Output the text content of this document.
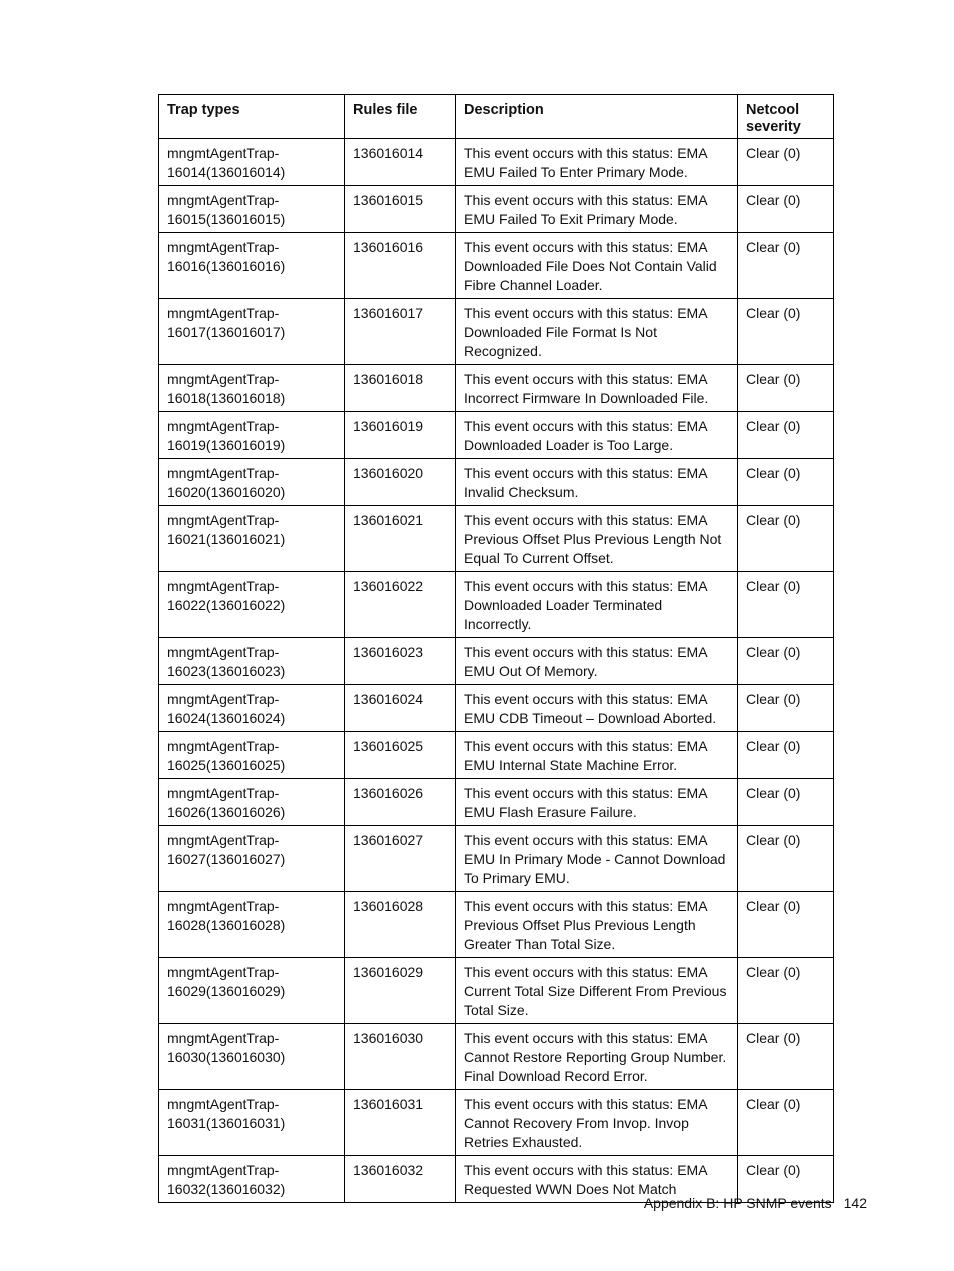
Trap types	Rules file	Description	Netcool severity
mngmtAgentTrap-16014(136016014)	136016014	This event occurs with this status: EMA EMU Failed To Enter Primary Mode.	Clear (0)
mngmtAgentTrap-16015(136016015)	136016015	This event occurs with this status: EMA EMU Failed To Exit Primary Mode.	Clear (0)
mngmtAgentTrap-16016(136016016)	136016016	This event occurs with this status: EMA Downloaded File Does Not Contain Valid Fibre Channel Loader.	Clear (0)
mngmtAgentTrap-16017(136016017)	136016017	This event occurs with this status: EMA Downloaded File Format Is Not Recognized.	Clear (0)
mngmtAgentTrap-16018(136016018)	136016018	This event occurs with this status: EMA Incorrect Firmware In Downloaded File.	Clear (0)
mngmtAgentTrap-16019(136016019)	136016019	This event occurs with this status: EMA Downloaded Loader is Too Large.	Clear (0)
mngmtAgentTrap-16020(136016020)	136016020	This event occurs with this status: EMA Invalid Checksum.	Clear (0)
mngmtAgentTrap-16021(136016021)	136016021	This event occurs with this status: EMA Previous Offset Plus Previous Length Not Equal To Current Offset.	Clear (0)
mngmtAgentTrap-16022(136016022)	136016022	This event occurs with this status: EMA Downloaded Loader Terminated Incorrectly.	Clear (0)
mngmtAgentTrap-16023(136016023)	136016023	This event occurs with this status: EMA EMU Out Of Memory.	Clear (0)
mngmtAgentTrap-16024(136016024)	136016024	This event occurs with this status: EMA EMU CDB Timeout – Download Aborted.	Clear (0)
mngmtAgentTrap-16025(136016025)	136016025	This event occurs with this status: EMA EMU Internal State Machine Error.	Clear (0)
mngmtAgentTrap-16026(136016026)	136016026	This event occurs with this status: EMA EMU Flash Erasure Failure.	Clear (0)
mngmtAgentTrap-16027(136016027)	136016027	This event occurs with this status: EMA EMU In Primary Mode - Cannot Download To Primary EMU.	Clear (0)
mngmtAgentTrap-16028(136016028)	136016028	This event occurs with this status: EMA Previous Offset Plus Previous Length Greater Than Total Size.	Clear (0)
mngmtAgentTrap-16029(136016029)	136016029	This event occurs with this status: EMA Current Total Size Different From Previous Total Size.	Clear (0)
mngmtAgentTrap-16030(136016030)	136016030	This event occurs with this status: EMA Cannot Restore Reporting Group Number. Final Download Record Error.	Clear (0)
mngmtAgentTrap-16031(136016031)	136016031	This event occurs with this status: EMA Cannot Recovery From Invop. Invop Retries Exhausted.	Clear (0)
mngmtAgentTrap-16032(136016032)	136016032	This event occurs with this status: EMA Requested WWN Does Not Match	Clear (0)
Appendix B: HP SNMP events 142
